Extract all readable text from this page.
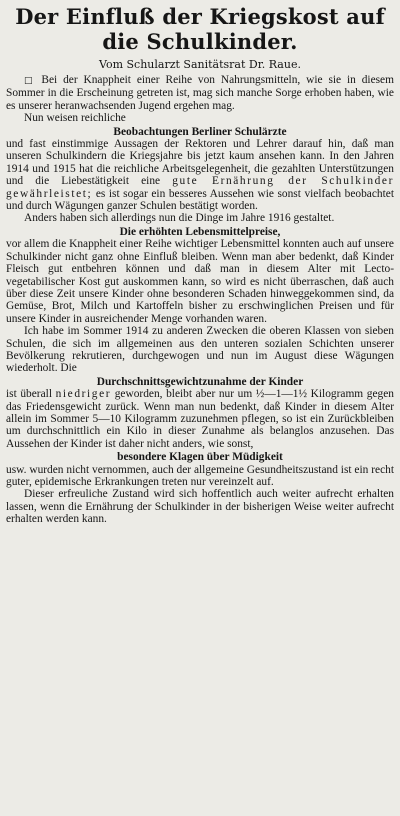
Der Einfluß der Kriegskost auf die Schulkinder.
Vom Schularzt Sanitätsrat Dr. Raue.

□ Bei der Knappheit einer Reihe von Nahrungsmitteln, wie sie in diesem Sommer in die Erscheinung getreten ist, mag sich manche Sorge erhoben haben, wie es unserer heranwachsenden Jugend ergehen mag.

Nun weisen reichliche

Beobachtungen Berliner Schulärzte

und fast einstimmige Aussagen der Rektoren und Lehrer darauf hin, daß man unseren Schulkindern die Kriegsjahre bis jetzt kaum ansehen kann. In den Jahren 1914 und 1915 hat die reichliche Arbeitsgelegenheit, die gezahlten Unterstützungen und die Liebestätigkeit eine gute Ernährung der Schulkinder gewährleistet; es ist sogar ein besseres Aussehen wie sonst vielfach beobachtet und durch Wägungen ganzer Schulen bestätigt worden.

Anders haben sich allerdings nun die Dinge im Jahre 1916 gestaltet.

Die erhöhten Lebensmittelpreise,

vor allem die Knappheit einer Reihe wichtiger Lebensmittel konnten auch auf unsere Schulkinder nicht ganz ohne Einfluß bleiben. Wenn man aber bedenkt, daß Kinder Fleisch gut entbehren können und daß man in diesem Alter mit Lecto-vegetabilischer Kost gut auskommen kann, so wird es nicht überraschen, daß auch über diese Zeit unsere Kinder ohne besonderen Schaden hinweggekommen sind, da Gemüse, Brot, Milch und Kartoffeln bisher zu erschwinglichen Preisen und für unsere Kinder in ausreichender Menge vorhanden waren.

Ich habe im Sommer 1914 zu anderen Zwecken die oberen Klassen von sieben Schulen, die sich im allgemeinen aus den unteren sozialen Schichten unserer Bevölkerung rekrutieren, durchgewogen und nun im August diese Wägungen wiederholt. Die

Durchschnittsgewichtzunahme der Kinder

ist überall niedriger geworden, bleibt aber nur um ½—1—1½ Kilogramm gegen das Friedensgewicht zurück. Wenn man nun bedenkt, daß Kinder in diesem Alter allein im Sommer 5—10 Kilogramm zuzunehmen pflegen, so ist ein Zurückbleiben um durchschnittlich ein Kilo in dieser Zunahme als belanglos anzusehen. Das Aussehen der Kinder ist daher nicht anders, wie sonst,

besondere Klagen über Müdigkeit

usw. wurden nicht vernommen, auch der allgemeine Gesundheitszustand ist ein recht guter, epidemische Erkrankungen treten nur vereinzelt auf.

Dieser erfreuliche Zustand wird sich hoffentlich auch weiter aufrecht erhalten lassen, wenn die Ernährung der Schulkinder in der bisherigen Weise weiter aufrecht erhalten werden kann.
